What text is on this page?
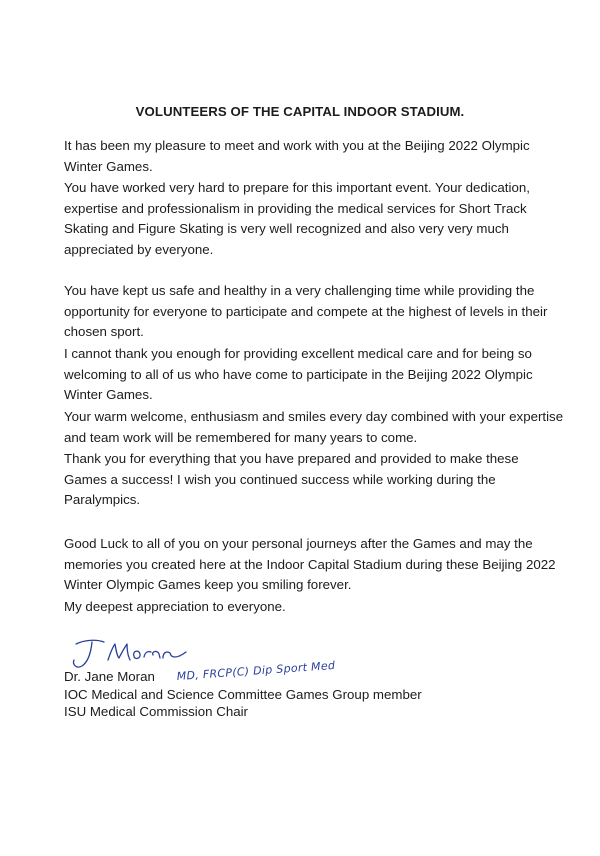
VOLUNTEERS OF THE CAPITAL INDOOR STADIUM.

It has been my pleasure to meet and work with you at the Beijing 2022 Olympic Winter Games.

You have worked very hard to prepare for this important event. Your dedication, expertise and professionalism in providing the medical services for Short Track Skating and Figure Skating is very well recognized and also very very much appreciated by everyone.

You have kept us safe and healthy in a very challenging time while providing the opportunity for everyone to participate and compete at the highest of levels in their chosen sport.

I cannot thank you enough for providing excellent medical care and for being so welcoming to all of us who have come to participate in the Beijing 2022 Olympic Winter Games.

Your warm welcome, enthusiasm and smiles every day combined with your expertise and team work will be remembered for many years to come.

Thank you for everything that you have prepared and provided to make these Games a success! I wish you continued success while working during the Paralympics.

Good Luck to all of you on your personal journeys after the Games and may the memories you created here at the Indoor Capital Stadium during these Beijing 2022 Winter Olympic Games keep you smiling forever.

My deepest appreciation to everyone.

MD, FRCP(C) Dip Sport Med
Dr. Jane Moran
IOC Medical and Science Committee Games Group member
ISU Medical Commission Chair
